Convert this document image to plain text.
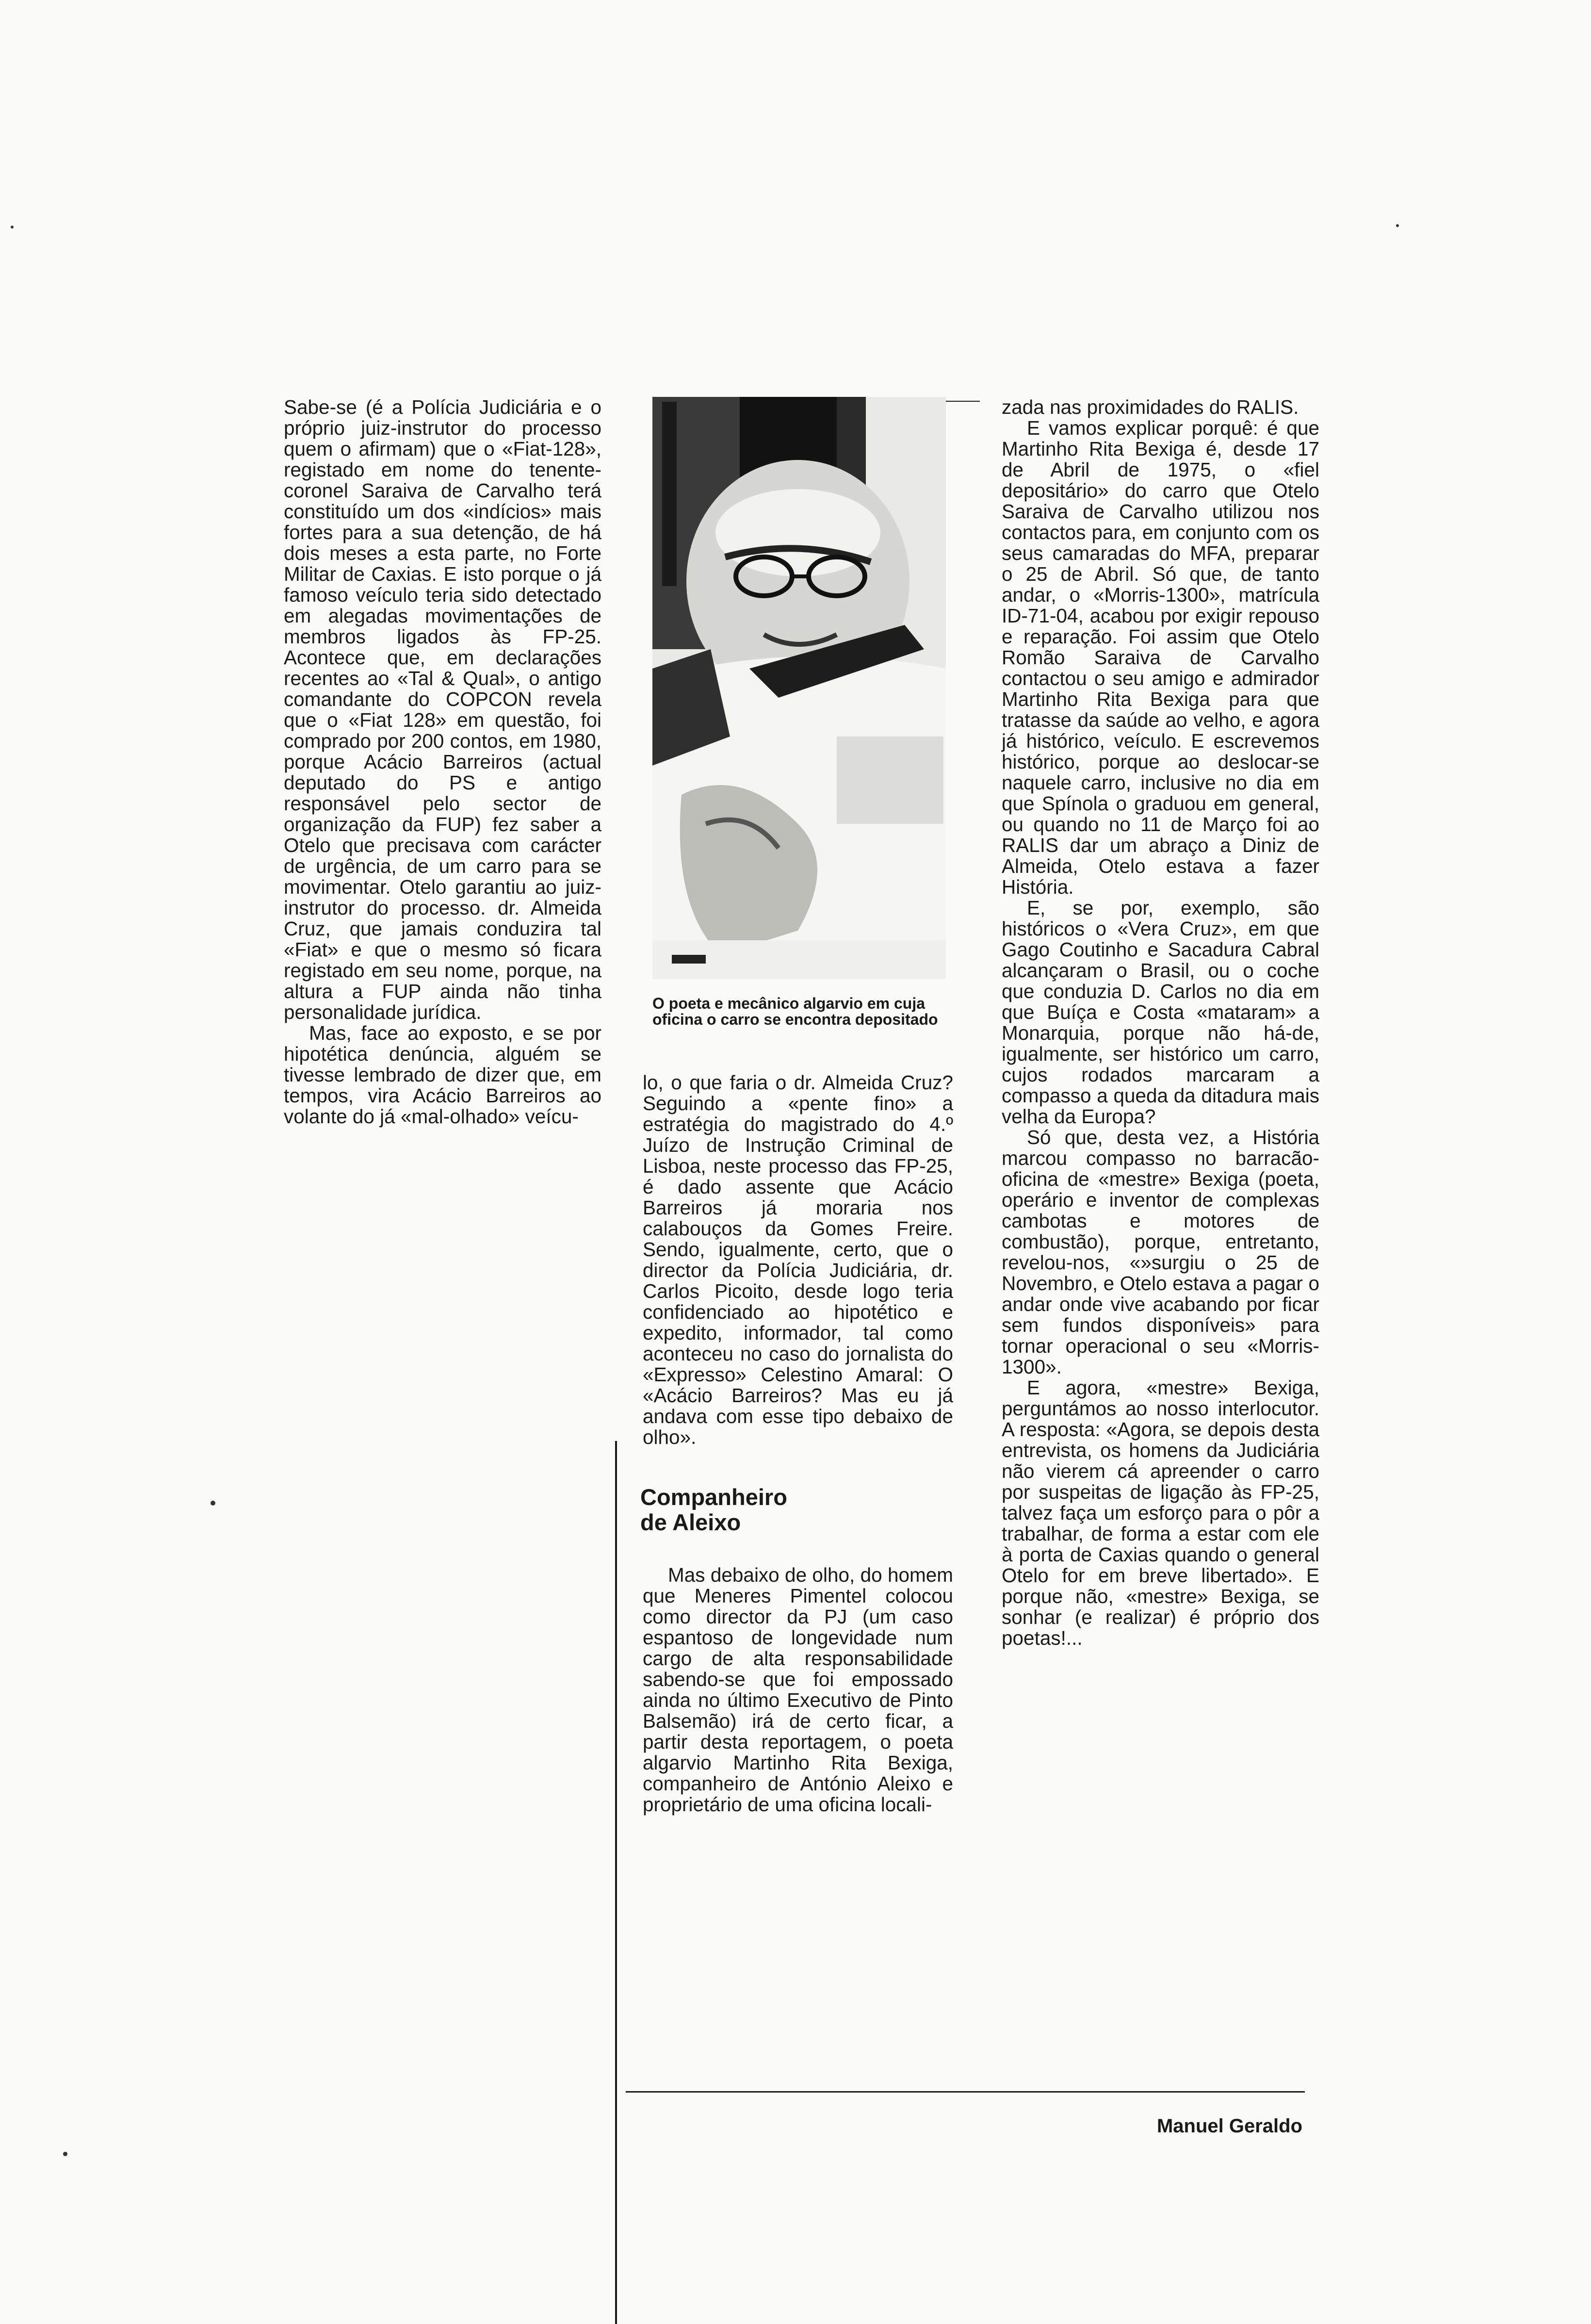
Sabe-se (é a Polícia Judiciária e o próprio juiz-instrutor do processo quem o afirmam) que o «Fiat-128», registado em nome do tenente-coronel Saraiva de Carvalho terá constituído um dos «indícios» mais fortes para a sua detenção, de há dois meses a esta parte, no Forte Militar de Caxias. E isto porque o já famoso veículo teria sido detectado em alegadas movimentações de membros ligados às FP-25. Acontece que, em declarações recentes ao «Tal & Qual», o antigo comandante do COPCON revela que o «Fiat 128» em questão, foi comprado por 200 contos, em 1980, porque Acácio Barreiros (actual deputado do PS e antigo responsável pelo sector de organização da FUP) fez saber a Otelo que precisava com carácter de urgência, de um carro para se movimentar. Otelo garantiu ao juiz-instrutor do processo. dr. Almeida Cruz, que jamais conduzira tal «Fiat» e que o mesmo só ficara registado em seu nome, porque, na altura a FUP ainda não tinha personalidade jurídica.

Mas, face ao exposto, e se por hipotética denúncia, alguém se tivesse lembrado de dizer que, em tempos, vira Acácio Barreiros ao volante do já «mal-olhado» veícu-

O poeta e mecânico algarvio em cuja oficina o carro se encontra depositado

lo, o que faria o dr. Almeida Cruz? Seguindo a «pente fino» a estratégia do magistrado do 4.º Juízo de Instrução Criminal de Lisboa, neste processo das FP-25, é dado assente que Acácio Barreiros já moraria nos calabouços da Gomes Freire. Sendo, igualmente, certo, que o director da Polícia Judiciária, dr. Carlos Picoito, desde logo teria confidenciado ao hipotético e expedito, informador, tal como aconteceu no caso do jornalista do «Expresso» Celestino Amaral: O «Acácio Barreiros? Mas eu já andava com esse tipo debaixo de olho».

Companheiro
de Aleixo

Mas debaixo de olho, do homem que Meneres Pimentel colocou como director da PJ (um caso espantoso de longevidade num cargo de alta responsabilidade sabendo-se que foi empossado ainda no último Executivo de Pinto Balsemão) irá de certo ficar, a partir desta reportagem, o poeta algarvio Martinho Rita Bexiga, companheiro de António Aleixo e proprietário de uma oficina locali-

zada nas proximidades do RALIS.

E vamos explicar porquê: é que Martinho Rita Bexiga é, desde 17 de Abril de 1975, o «fiel depositário» do carro que Otelo Saraiva de Carvalho utilizou nos contactos para, em conjunto com os seus camaradas do MFA, preparar o 25 de Abril. Só que, de tanto andar, o «Morris-1300», matrícula ID-71-04, acabou por exigir repouso e reparação. Foi assim que Otelo Romão Saraiva de Carvalho contactou o seu amigo e admirador Martinho Rita Bexiga para que tratasse da saúde ao velho, e agora já histórico, veículo. E escrevemos histórico, porque ao deslocar-se naquele carro, inclusive no dia em que Spínola o graduou em general, ou quando no 11 de Março foi ao RALIS dar um abraço a Diniz de Almeida, Otelo estava a fazer História.

E, se por, exemplo, são históricos o «Vera Cruz», em que Gago Coutinho e Sacadura Cabral alcançaram o Brasil, ou o coche que conduzia D. Carlos no dia em que Buíça e Costa «mataram» a Monarquia, porque não há-de, igualmente, ser histórico um carro, cujos rodados marcaram a compasso a queda da ditadura mais velha da Europa?

Só que, desta vez, a História marcou compasso no barracão-oficina de «mestre» Bexiga (poeta, operário e inventor de complexas cambotas e motores de combustão), porque, entretanto, revelou-nos, «»surgiu o 25 de Novembro, e Otelo estava a pagar o andar onde vive acabando por ficar sem fundos disponíveis» para tornar operacional o seu «Morris-1300».

E agora, «mestre» Bexiga, perguntámos ao nosso interlocutor. A resposta: «Agora, se depois desta entrevista, os homens da Judiciária não vierem cá apreender o carro por suspeitas de ligação às FP-25, talvez faça um esforço para o pôr a trabalhar, de forma a estar com ele à porta de Caxias quando o general Otelo for em breve libertado». E porque não, «mestre» Bexiga, se sonhar (e realizar) é próprio dos poetas!...

Manuel Geraldo
